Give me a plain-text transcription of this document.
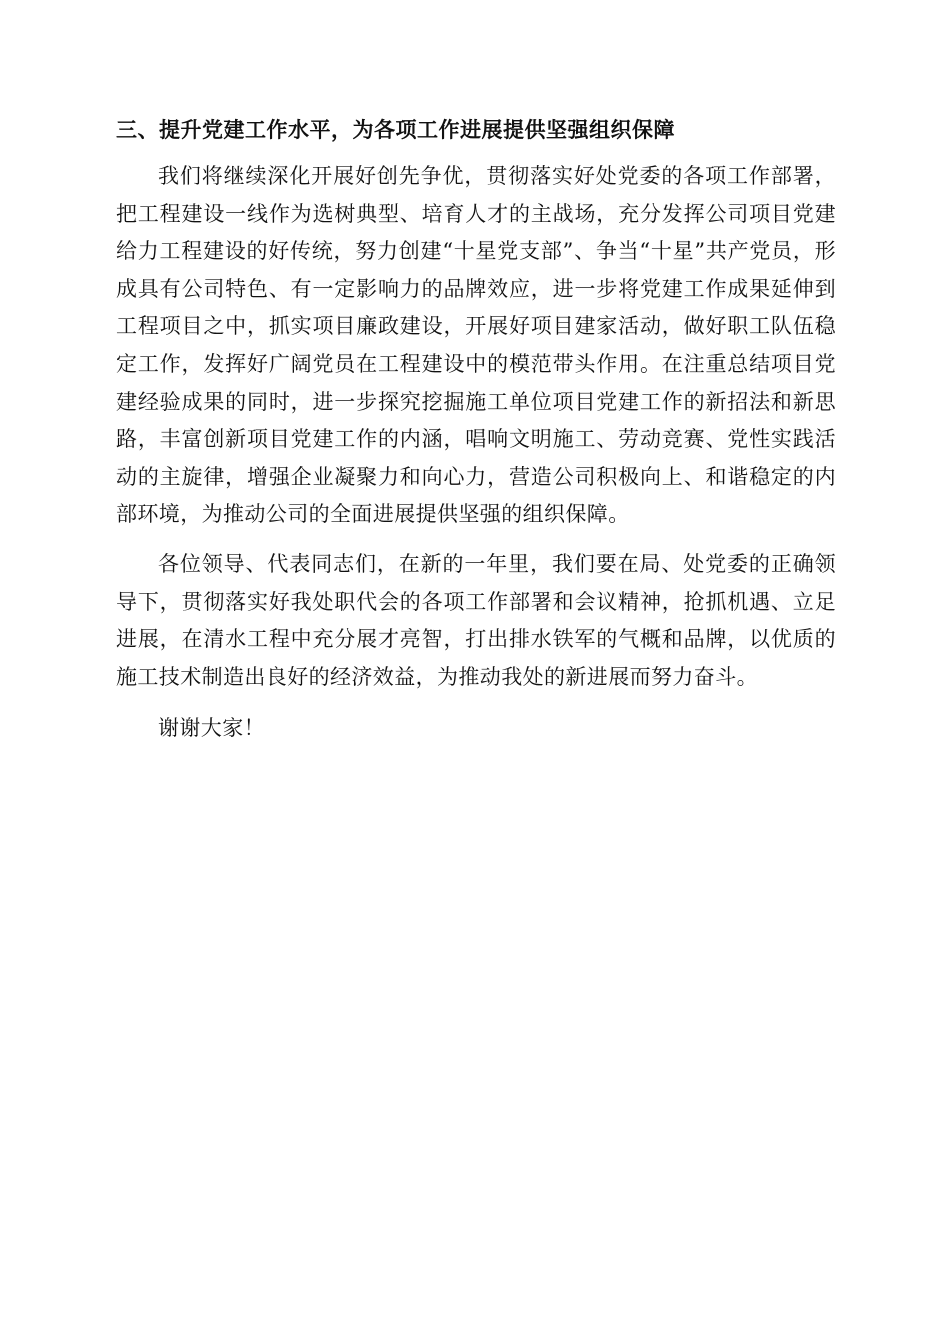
三、提升党建工作水平，为各项工作进展提供坚强组织保障

我们将继续深化开展好创先争优，贯彻落实好处党委的各项工作部署，把工程建设一线作为选树典型、培育人才的主战场，充分发挥公司项目党建给力工程建设的好传统，努力创建“十星党支部”、争当“十星”共产党员，形成具有公司特色、有一定影响力的品牌效应，进一步将党建工作成果延伸到工程项目之中，抓实项目廉政建设，开展好项目建家活动，做好职工队伍稳定工作，发挥好广阔党员在工程建设中的模范带头作用。在注重总结项目党建经验成果的同时，进一步探究挖掘施工单位项目党建工作的新招法和新思路，丰富创新项目党建工作的内涵，唱响文明施工、劳动竞赛、党性实践活动的主旋律，增强企业凝聚力和向心力，营造公司积极向上、和谐稳定的内部环境，为推动公司的全面进展提供坚强的组织保障。

各位领导、代表同志们，在新的一年里，我们要在局、处党委的正确领导下，贯彻落实好我处职代会的各项工作部署和会议精神，抢抓机遇、立足进展，在清水工程中充分展才亮智，打出排水铁军的气概和品牌，以优质的施工技术制造出良好的经济效益，为推动我处的新进展而努力奋斗。

谢谢大家！
